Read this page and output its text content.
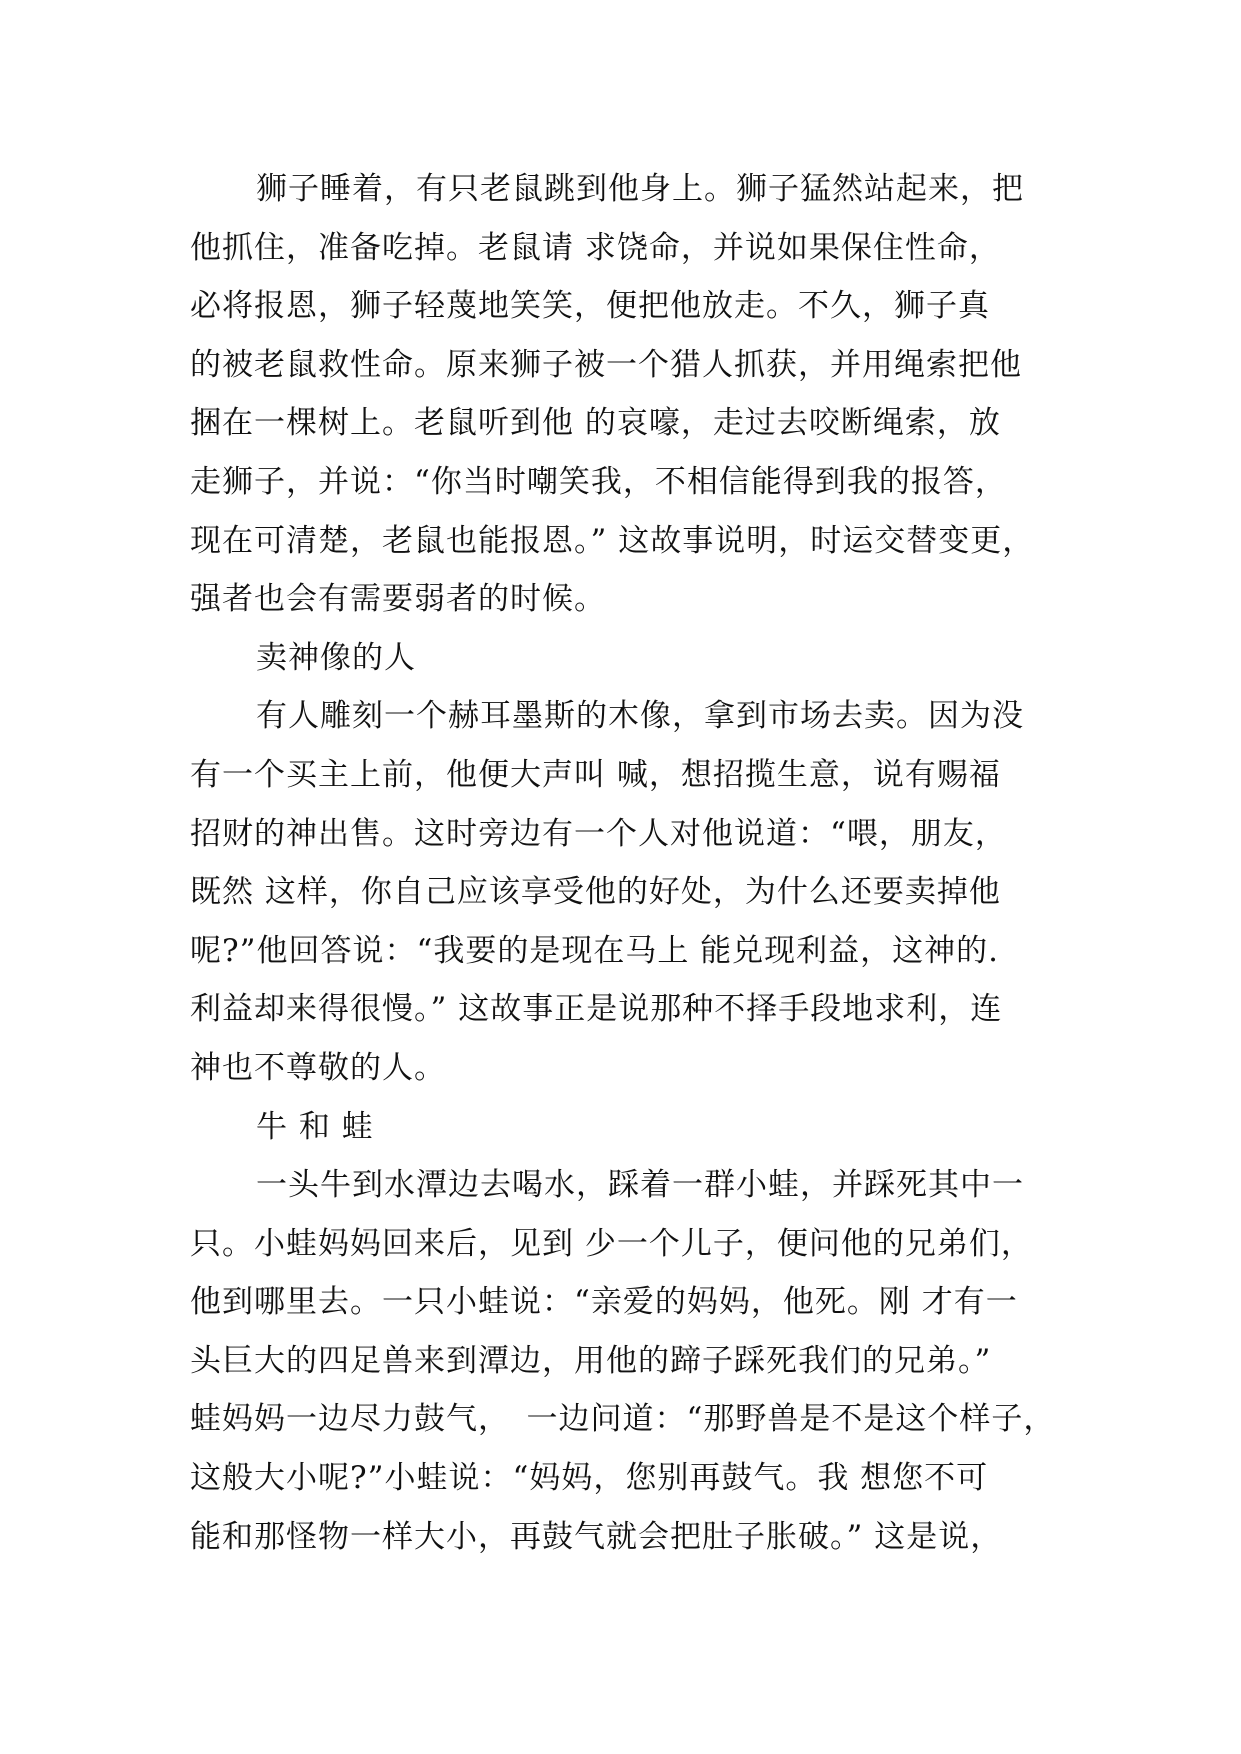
狮子睡着，有只老鼠跳到他身上。狮子猛然站起来，把
他抓住，准备吃掉。老鼠请 求饶命，并说如果保住性命，
必将报恩，狮子轻蔑地笑笑，便把他放走。不久，狮子真
的被老鼠救性命。原来狮子被一个猎人抓获，并用绳索把他
捆在一棵树上。老鼠听到他 的哀嚎，走过去咬断绳索，放
走狮子，并说：“你当时嘲笑我，不相信能得到我的报答，
现在可清楚，老鼠也能报恩。” 这故事说明，时运交替变更，
强者也会有需要弱者的时候。
卖神像的人
有人雕刻一个赫耳墨斯的木像，拿到市场去卖。因为没
有一个买主上前，他便大声叫 喊，想招揽生意，说有赐福
招财的神出售。这时旁边有一个人对他说道：“喂，朋友，
既然 这样，你自己应该享受他的好处，为什么还要卖掉他
呢?”他回答说：“我要的是现在马上 能兑现利益，这神的.
利益却来得很慢。” 这故事正是说那种不择手段地求利，连
神也不尊敬的人。
牛 和 蛙
一头牛到水潭边去喝水，踩着一群小蛙，并踩死其中一
只。小蛙妈妈回来后，见到 少一个儿子，便问他的兄弟们，
他到哪里去。一只小蛙说：“亲爱的妈妈，他死。刚 才有一
头巨大的四足兽来到潭边，用他的蹄子踩死我们的兄弟。”
蛙妈妈一边尽力鼓气，　一边问道：“那野兽是不是这个样子，
这般大小呢?”小蛙说：“妈妈，您别再鼓气。我 想您不可
能和那怪物一样大小，再鼓气就会把肚子胀破。” 这是说，
